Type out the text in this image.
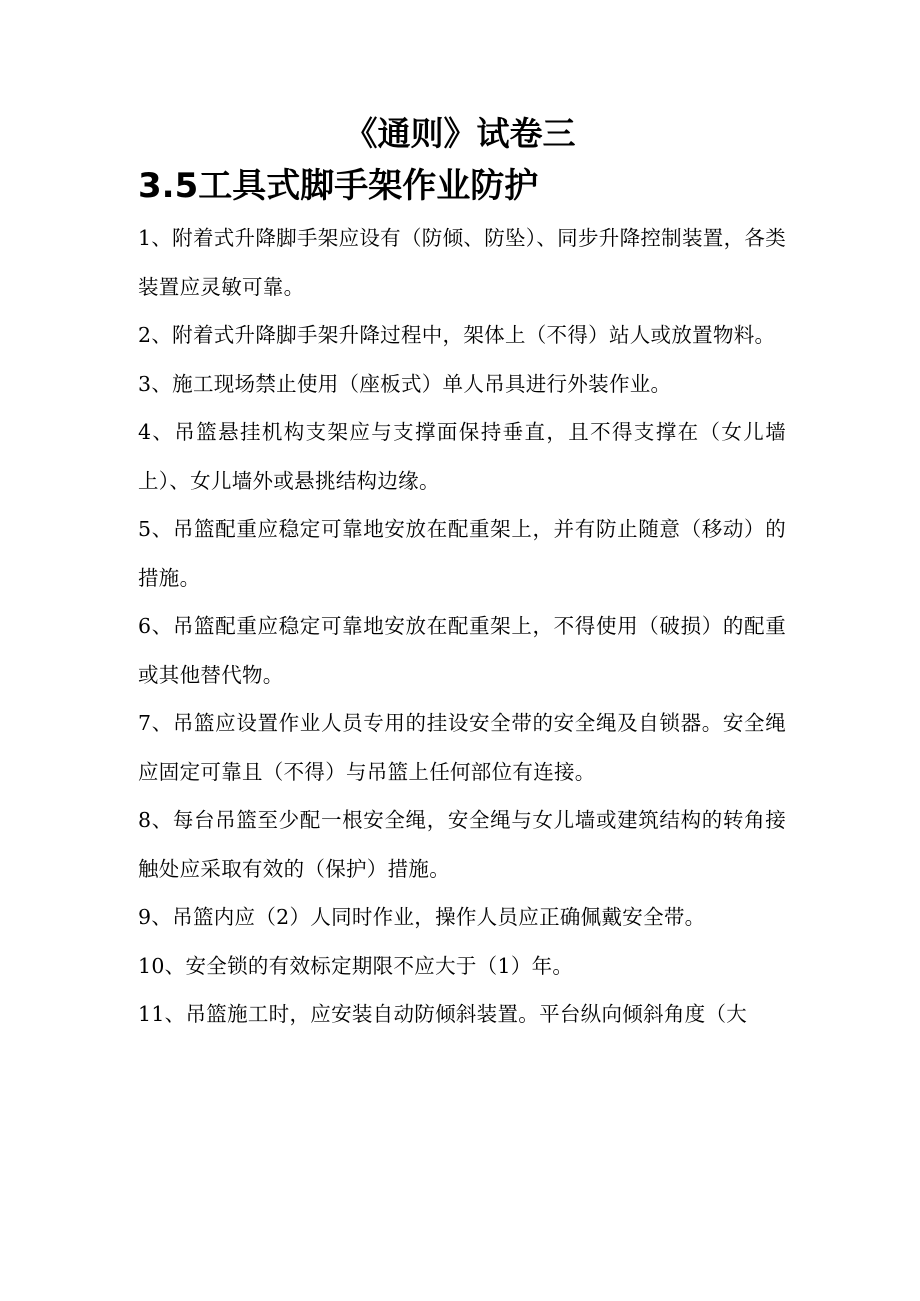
《通则》试卷三
3.5工具式脚手架作业防护
1、附着式升降脚手架应设有（防倾、防坠）、同步升降控制装置，各类装置应灵敏可靠。
2、附着式升降脚手架升降过程中，架体上（不得）站人或放置物料。
3、施工现场禁止使用（座板式）单人吊具进行外装作业。
4、吊篮悬挂机构支架应与支撑面保持垂直，且不得支撑在（女儿墙上）、女儿墙外或悬挑结构边缘。
5、吊篮配重应稳定可靠地安放在配重架上，并有防止随意（移动）的措施。
6、吊篮配重应稳定可靠地安放在配重架上，不得使用（破损）的配重或其他替代物。
7、吊篮应设置作业人员专用的挂设安全带的安全绳及自锁器。安全绳应固定可靠且（不得）与吊篮上任何部位有连接。
8、每台吊篮至少配一根安全绳，安全绳与女儿墙或建筑结构的转角接触处应采取有效的（保护）措施。
9、吊篮内应（2）人同时作业，操作人员应正确佩戴安全带。
10、安全锁的有效标定期限不应大于（1）年。
11、吊篮施工时，应安装自动防倾斜装置。平台纵向倾斜角度（大
